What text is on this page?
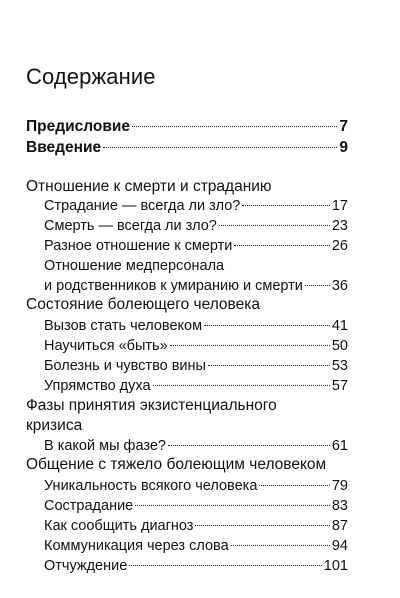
Содержание
Предисловие	7
Введение	9
Отношение к смерти и страданию
Страдание — всегда ли зло?	17
Смерть — всегда ли зло?	23
Разное отношение к смерти	26
Отношение медперсонала
и родственников к умиранию и смерти 36
Состояние болеющего человека
Вызов стать человеком	41
Научиться «быть»	50
Болезнь и чувство вины	53
Упрямство духа	57
Фазы принятия экзистенциального
кризиса
В какой мы фазе?	61
Общение с тяжело болеющим человеком
Уникальность всякого человека	79
Сострадание	83
Как сообщить диагноз	87
Коммуникация через слова	94
Отчуждение	101
